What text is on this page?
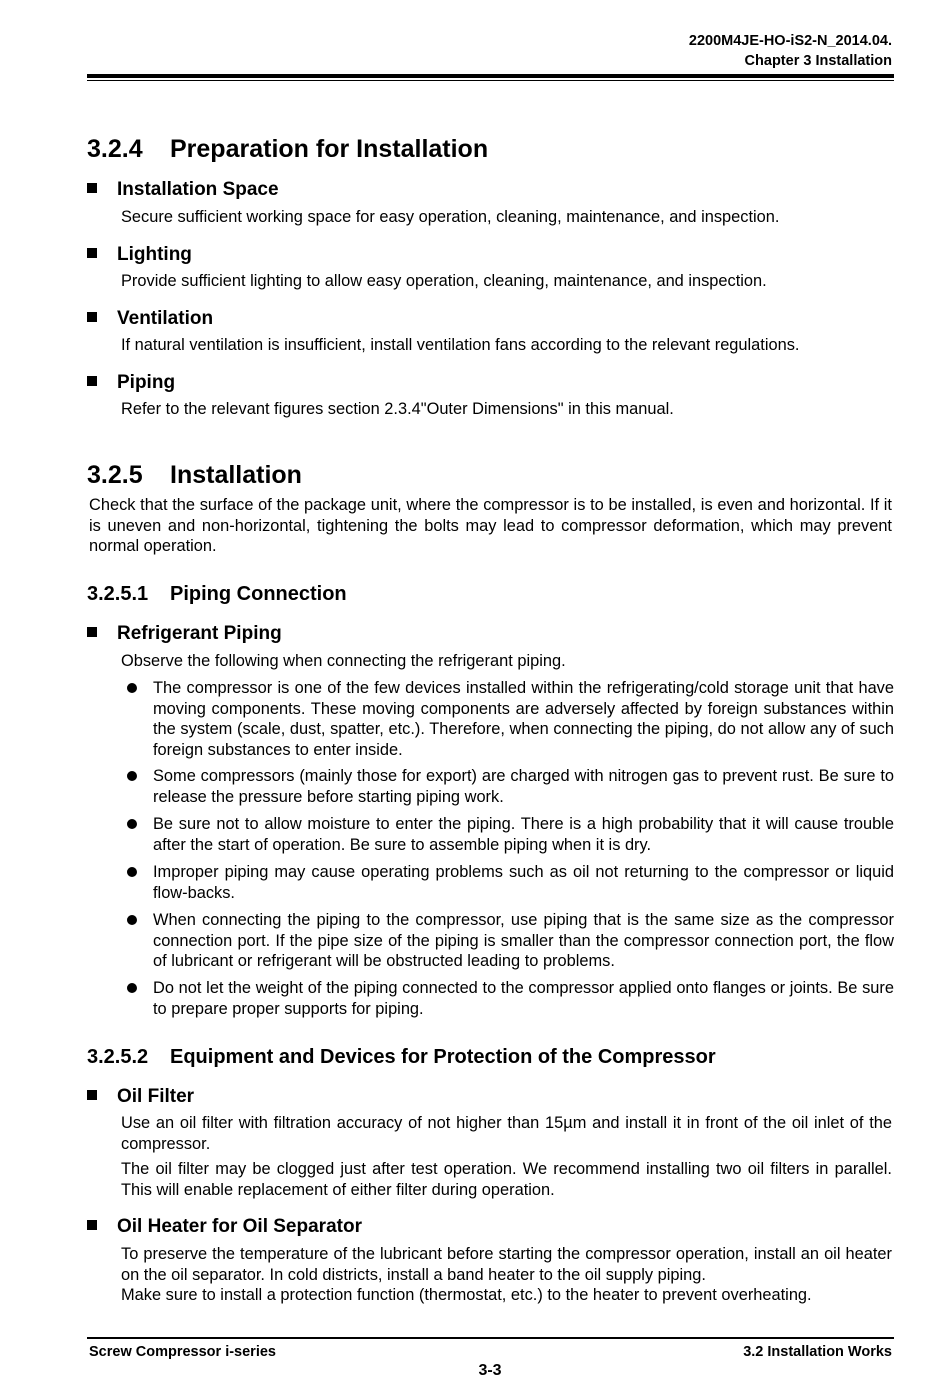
2200M4JE-HO-iS2-N_2014.04.
Chapter 3 Installation
3.2.4 Preparation for Installation
Installation Space
Secure sufficient working space for easy operation, cleaning, maintenance, and inspection.
Lighting
Provide sufficient lighting to allow easy operation, cleaning, maintenance, and inspection.
Ventilation
If natural ventilation is insufficient, install ventilation fans according to the relevant regulations.
Piping
Refer to the relevant figures section 2.3.4"Outer Dimensions" in this manual.
3.2.5 Installation
Check that the surface of the package unit, where the compressor is to be installed, is even and horizontal. If it is uneven and non-horizontal, tightening the bolts may lead to compressor deformation, which may prevent normal operation.
3.2.5.1 Piping Connection
Refrigerant Piping
Observe the following when connecting the refrigerant piping.
The compressor is one of the few devices installed within the refrigerating/cold storage unit that have moving components. These moving components are adversely affected by foreign substances within the system (scale, dust, spatter, etc.). Therefore, when connecting the piping, do not allow any of such foreign substances to enter inside.
Some compressors (mainly those for export) are charged with nitrogen gas to prevent rust. Be sure to release the pressure before starting piping work.
Be sure not to allow moisture to enter the piping. There is a high probability that it will cause trouble after the start of operation. Be sure to assemble piping when it is dry.
Improper piping may cause operating problems such as oil not returning to the compressor or liquid flow-backs.
When connecting the piping to the compressor, use piping that is the same size as the compressor connection port. If the pipe size of the piping is smaller than the compressor connection port, the flow of lubricant or refrigerant will be obstructed leading to problems.
Do not let the weight of the piping connected to the compressor applied onto flanges or joints. Be sure to prepare proper supports for piping.
3.2.5.2 Equipment and Devices for Protection of the Compressor
Oil Filter
Use an oil filter with filtration accuracy of not higher than 15µm and install it in front of the oil inlet of the compressor.
The oil filter may be clogged just after test operation. We recommend installing two oil filters in parallel. This will enable replacement of either filter during operation.
Oil Heater for Oil Separator
To preserve the temperature of the lubricant before starting the compressor operation, install an oil heater on the oil separator. In cold districts, install a band heater to the oil supply piping.
Make sure to install a protection function (thermostat, etc.) to the heater to prevent overheating.
Screw Compressor i-series	3.2 Installation Works
3-3
